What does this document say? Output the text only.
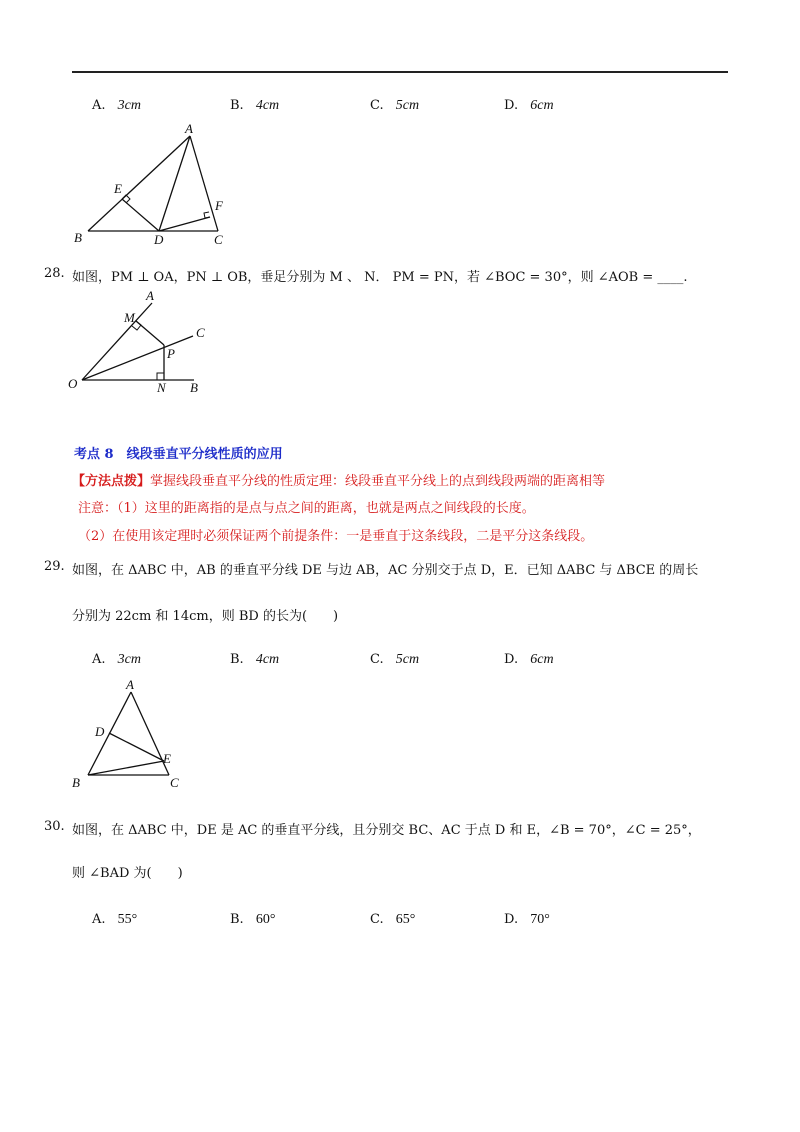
A. 3cm	B. 4cm	C. 5cm	D. 6cm
A
E
F
B	D	C
28. 如图，PM ⊥ OA，PN ⊥ OB，垂足分别为 M 、 N． PM = PN，若 ∠BOC = 30°，则 ∠AOB = ____.
A
M
C
P
O	N B
考点 8　线段垂直平分线性质的应用
【方法点拨】掌握线段垂直平分线的性质定理：线段垂直平分线上的点到线段两端的距离相等
注意：（1）这里的距离指的是点与点之间的距离，也就是两点之间线段的长度。
（2）在使用该定理时必须保证两个前提条件：一是垂直于这条线段，二是平分这条线段。
29. 如图，在 ΔABC 中，AB 的垂直平分线 DE 与边 AB，AC 分别交于点 D，E．已知 ΔABC 与 ΔBCE 的周长
分别为 22cm 和 14cm，则 BD 的长为(　　)
A. 3cm	B. 4cm	C. 5cm	D. 6cm
A
D
E
B	C
30. 如图，在 ΔABC 中，DE 是 AC 的垂直平分线，且分别交 BC、AC 于点 D 和 E，∠B = 70°，∠C = 25°，
则 ∠BAD 为(　　)
A. 55°	B. 60°	C. 65°	D. 70°
